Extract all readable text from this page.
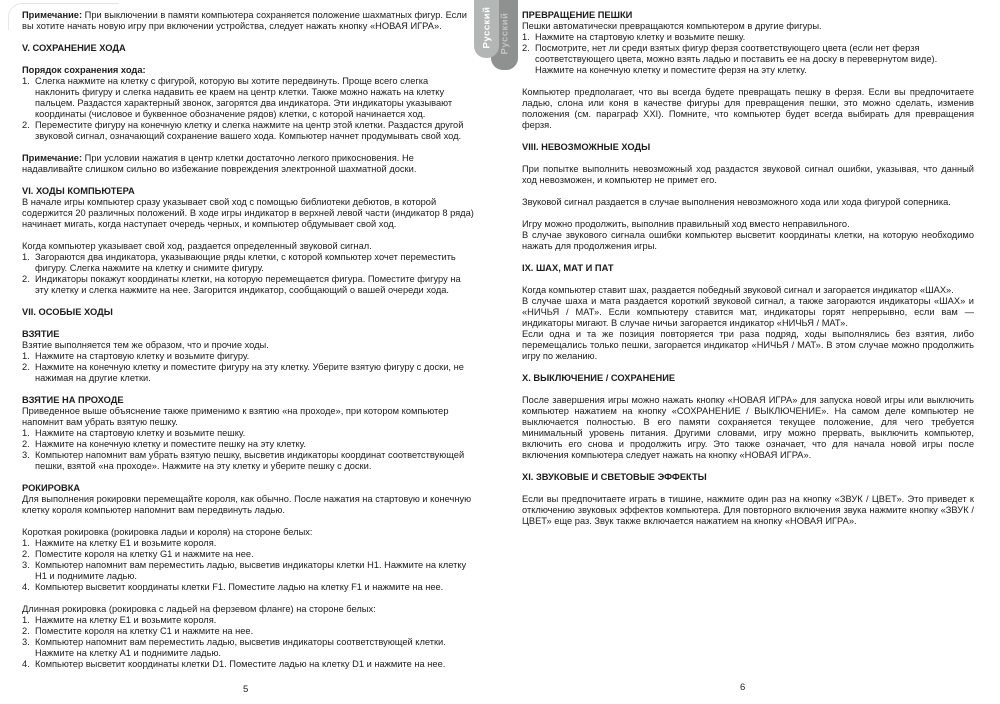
Русский
Русский
Примечание: При выключении в памяти компьютера сохраняется положение шахматных фигур. Если вы хотите начать новую игру при включении устройства, следует нажать кнопку «НОВАЯ ИГРА».
V. СОХРАНЕНИЕ ХОДА
Порядок сохранения хода:
1. Слегка нажмите на клетку с фигурой, которую вы хотите передвинуть. Проще всего слегка наклонить фигуру и слегка надавить ее краем на центр клетки. Также можно нажать на клетку пальцем. Раздастся характерный звонок, загорятся два индикатора. Эти индикаторы указывают координаты (числовое и буквенное обозначение рядов) клетки, с которой начинается ход.
2. Переместите фигуру на конечную клетку и слегка нажмите на центр этой клетки. Раздастся другой звуковой сигнал, означающий сохранение вашего хода. Компьютер начнет продумывать свой ход.
Примечание: При условии нажатия в центр клетки достаточно легкого прикосновения. Не надавливайте слишком сильно во избежание повреждения электронной шахматной доски.
VI. ХОДЫ КОМПЬЮТЕРА
В начале игры компьютер сразу указывает свой ход с помощью библиотеки дебютов, в которой содержится 20 различных положений. В ходе игры индикатор в верхней левой части (индикатор 8 ряда) начинает мигать, когда наступает очередь черных, и компьютер обдумывает свой ход.
Когда компьютер указывает свой ход, раздается определенный звуковой сигнал.
1. Загораются два индикатора, указывающие ряды клетки, с которой компьютер хочет переместить фигуру. Слегка нажмите на клетку и снимите фигуру.
2. Индикаторы покажут координаты клетки, на которую перемещается фигура. Поместите фигуру на эту клетку и слегка нажмите на нее. Загорится индикатор, сообщающий о вашей очереди хода.
VII. ОСОБЫЕ ХОДЫ
ВЗЯТИЕ
Взятие выполняется тем же образом, что и прочие ходы.
1. Нажмите на стартовую клетку и возьмите фигуру.
2. Нажмите на конечную клетку и поместите фигуру на эту клетку. Уберите взятую фигуру с доски, не нажимая на другие клетки.
ВЗЯТИЕ НА ПРОХОДЕ
Приведенное выше объяснение также применимо к взятию «на проходе», при котором компьютер напомнит вам убрать взятую пешку.
1. Нажмите на стартовую клетку и возьмите пешку.
2. Нажмите на конечную клетку и поместите пешку на эту клетку.
3. Компьютер напомнит вам убрать взятую пешку, высветив индикаторы координат соответствующей пешки, взятой «на проходе». Нажмите на эту клетку и уберите пешку с доски.
РОКИРОВКА
Для выполнения рокировки перемещайте короля, как обычно. После нажатия на стартовую и конечную клетку короля компьютер напомнит вам передвинуть ладью.
Короткая рокировка (рокировка ладьи и короля) на стороне белых:
1. Нажмите на клетку E1 и возьмите короля.
2. Поместите короля на клетку G1 и нажмите на нее.
3. Компьютер напомнит вам переместить ладью, высветив индикаторы клетки H1. Нажмите на клетку H1 и поднимите ладью.
4. Компьютер высветит координаты клетки F1. Поместите ладью на клетку F1 и нажмите на нее.
Длинная рокировка (рокировка с ладьей на ферзевом фланге) на стороне белых:
1. Нажмите на клетку E1 и возьмите короля.
2. Поместите короля на клетку C1 и нажмите на нее.
3. Компьютер напомнит вам переместить ладью, высветив индикаторы соответствующей клетки. Нажмите на клетку A1 и поднимите ладью.
4. Компьютер высветит координаты клетки D1. Поместите ладью на клетку D1 и нажмите на нее.
ПРЕВРАЩЕНИЕ ПЕШКИ
Пешки автоматически превращаются компьютером в другие фигуры.
1. Нажмите на стартовую клетку и возьмите пешку.
2. Посмотрите, нет ли среди взятых фигур ферзя соответствующего цвета (если нет ферзя соответствующего цвета, можно взять ладью и поставить ее на доску в перевернутом виде). Нажмите на конечную клетку и поместите ферзя на эту клетку.
Компьютер предполагает, что вы всегда будете превращать пешку в ферзя. Если вы предпочитаете ладью, слона или коня в качестве фигуры для превращения пешки, это можно сделать, изменив положения (см. параграф XXI). Помните, что компьютер будет всегда выбирать для превращения ферзя.
VIII. НЕВОЗМОЖНЫЕ ХОДЫ
При попытке выполнить невозможный ход раздастся звуковой сигнал ошибки, указывая, что данный ход невозможен, и компьютер не примет его.
Звуковой сигнал раздается в случае выполнения невозможного хода или хода фигурой соперника.
Игру можно продолжить, выполнив правильный ход вместо неправильного.
В случае звукового сигнала ошибки компьютер высветит координаты клетки, на которую необходимо нажать для продолжения игры.
IX. ШАХ, МАТ И ПАТ
Когда компьютер ставит шах, раздается победный звуковой сигнал и загорается индикатор «ШАХ».
В случае шаха и мата раздается короткий звуковой сигнал, а также загораются индикаторы «ШАХ» и «НИЧЬЯ / МАТ». Если компьютеру ставится мат, индикаторы горят непрерывно, если вам — индикаторы мигают. В случае ничьи загорается индикатор «НИЧЬЯ / МАТ».
Если одна и та же позиция повторяется три раза подряд, ходы выполнялись без взятия, либо перемещались только пешки, загорается индикатор «НИЧЬЯ / МАТ». В этом случае можно продолжить игру по желанию.
X. ВЫКЛЮЧЕНИЕ / СОХРАНЕНИЕ
После завершения игры можно нажать кнопку «НОВАЯ ИГРА» для запуска новой игры или выключить компьютер нажатием на кнопку «СОХРАНЕНИЕ / ВЫКЛЮЧЕНИЕ». На самом деле компьютер не выключается полностью. В его памяти сохраняется текущее положение, для чего требуется минимальный уровень питания. Другими словами, игру можно прервать, выключить компьютер, включить его снова и продолжить игру. Это также означает, что для начала новой игры после включения компьютера следует нажать на кнопку «НОВАЯ ИГРА».
XI. ЗВУКОВЫЕ И СВЕТОВЫЕ ЭФФЕКТЫ
Если вы предпочитаете играть в тишине, нажмите один раз на кнопку «ЗВУК / ЦВЕТ». Это приведет к отключению звуковых эффектов компьютера. Для повторного включения звука нажмите кнопку «ЗВУК / ЦВЕТ» еще раз. Звук также включается нажатием на кнопку «НОВАЯ ИГРА».
5	6
